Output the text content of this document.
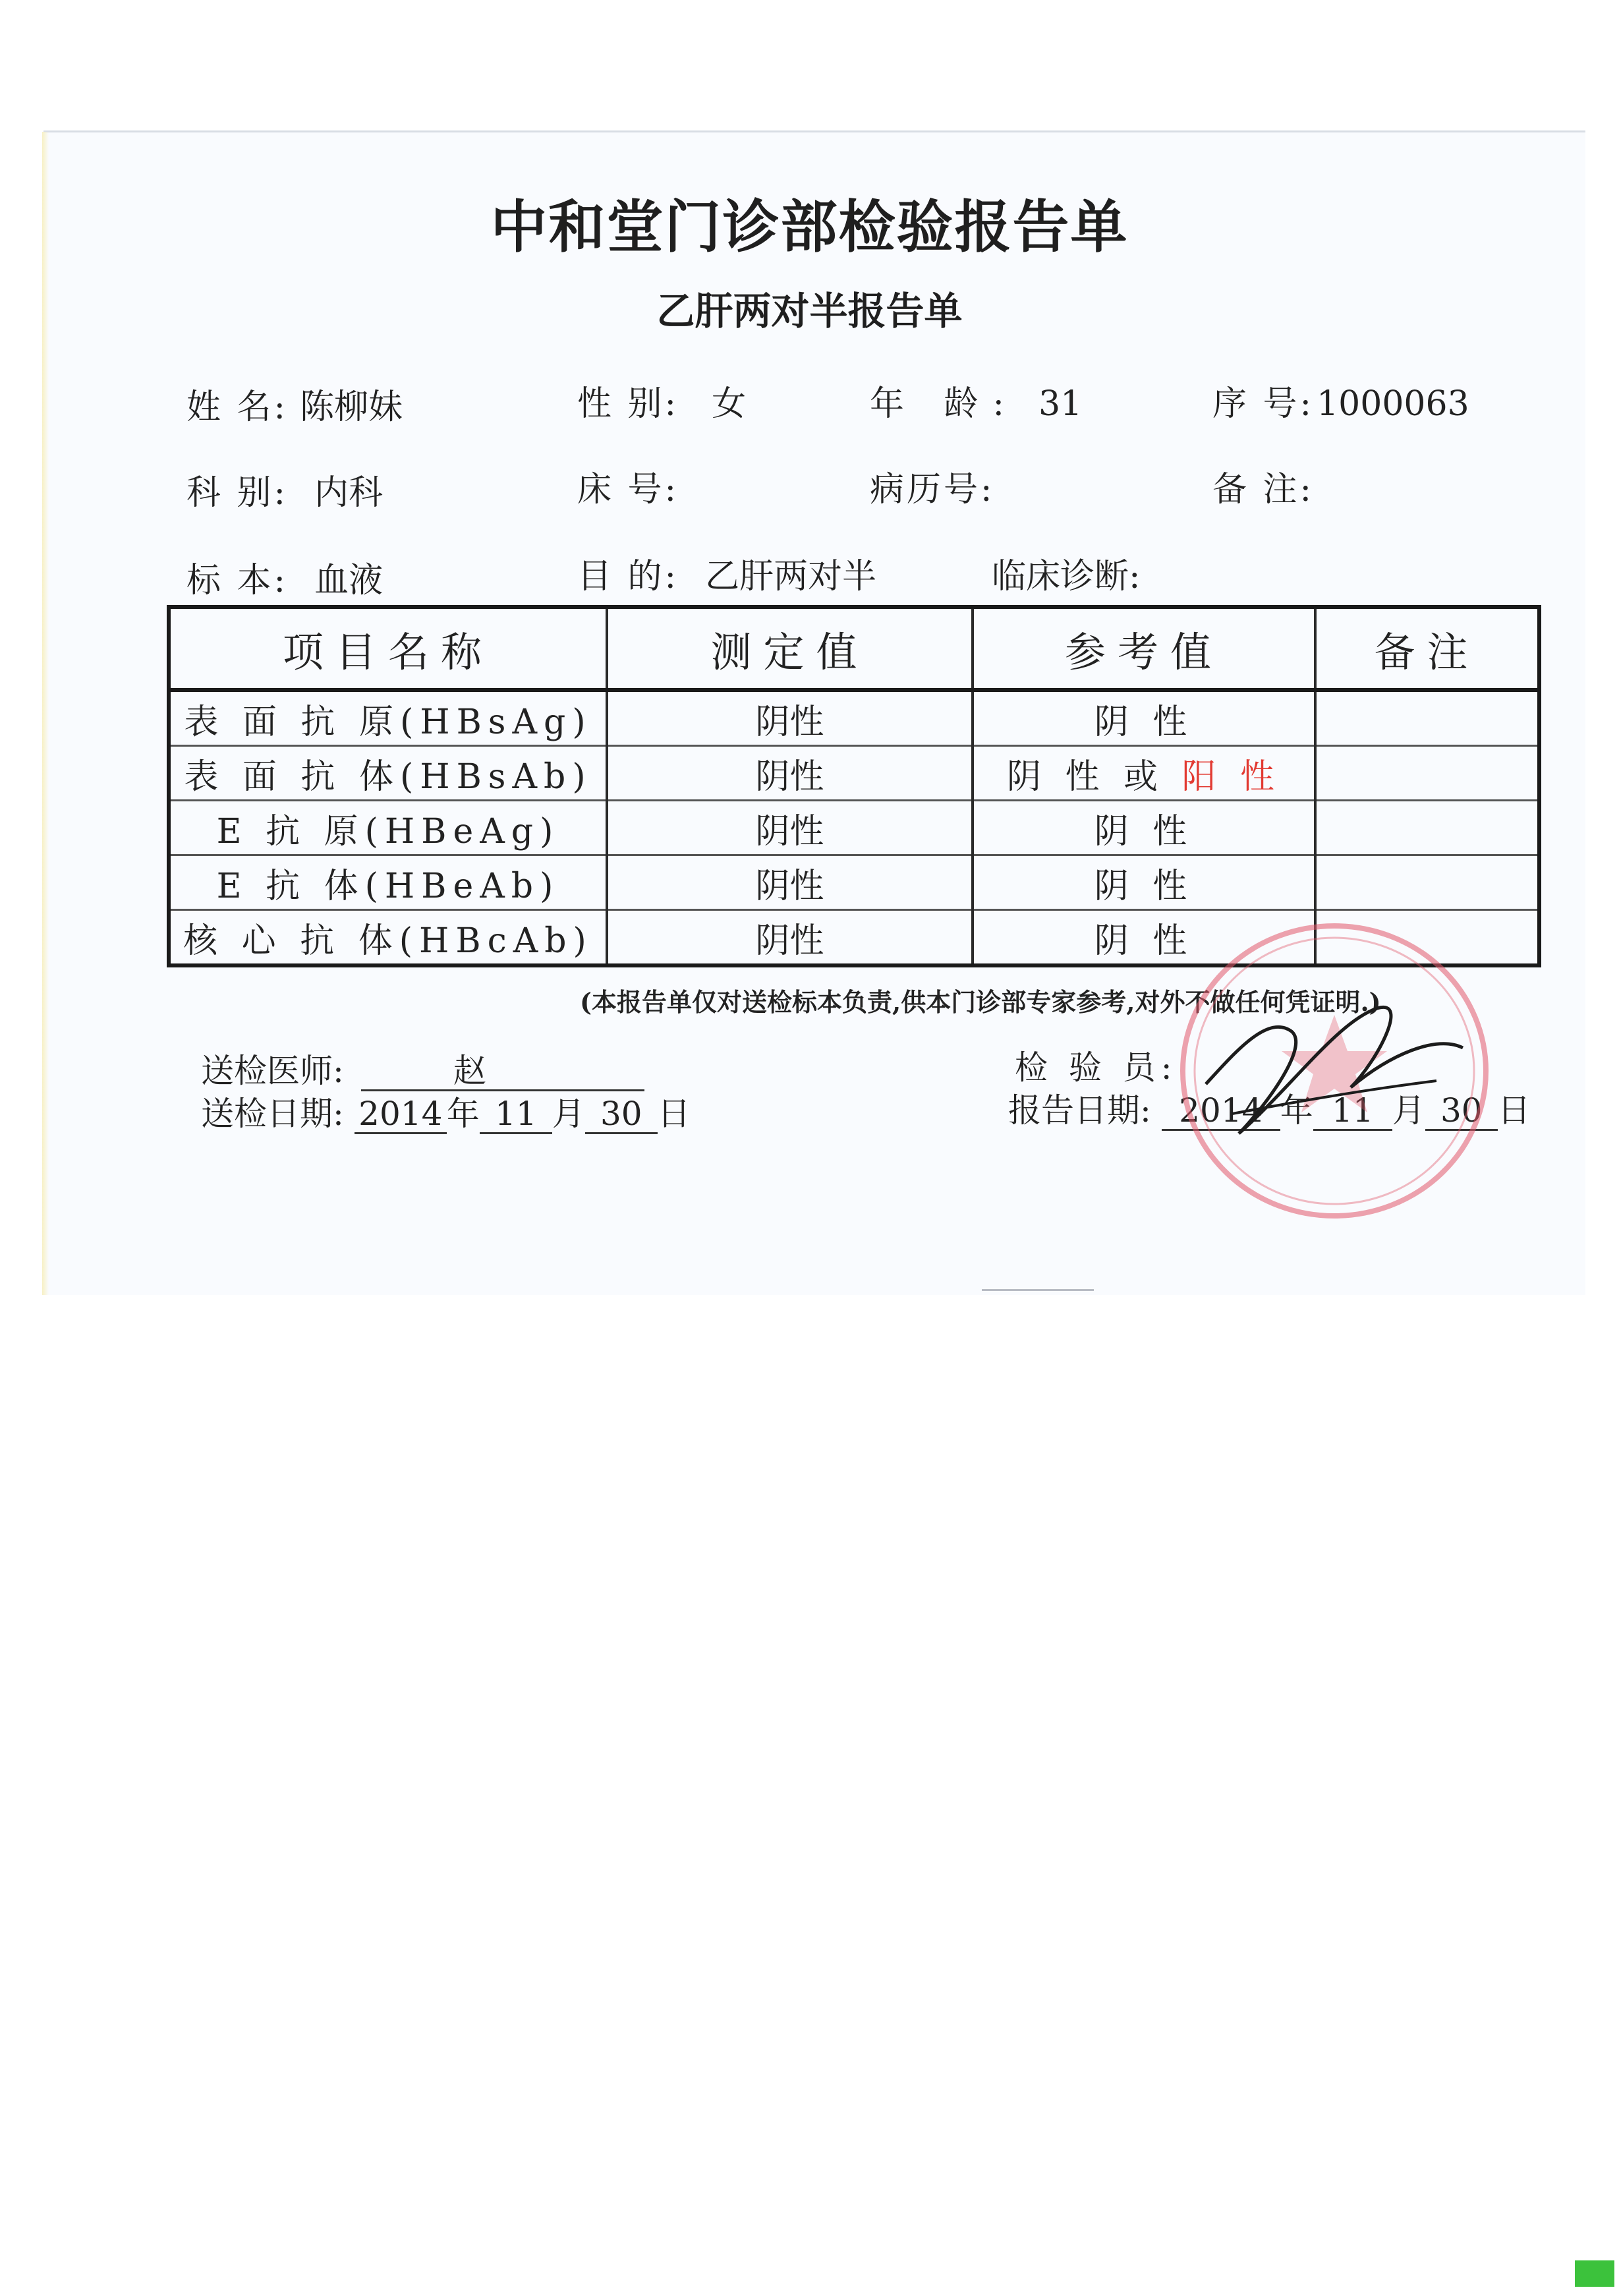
中和堂门诊部检验报告单
乙肝两对半报告单
姓 名: 陈柳妹	性 别: 女	年 龄: 31	序 号:1000063
科 别: 内科	床 号:	病历号:	备 注:
标 本: 血液	目 的: 乙肝两对半	临床诊断:
项目名称	测定值	参考值	备注
表 面 抗 原(HBsAg)	阴性	阴 性	
表 面 抗 体(HBsAb)	阴性	阴 性 或 阳 性	
E 抗 原(HBeAg)	阴性	阴 性	
E 抗 体(HBeAb)	阴性	阴 性	
核 心 抗 体(HBcAb)	阴性	阴 性	
(本报告单仅对送检标本负责,供本门诊部专家参考,对外不做任何凭证明.)
送检医师:	赵
送检日期: 2014 年 11 月 30 日
检 验 员:
报告日期: 2014 年 11 月 30 日
